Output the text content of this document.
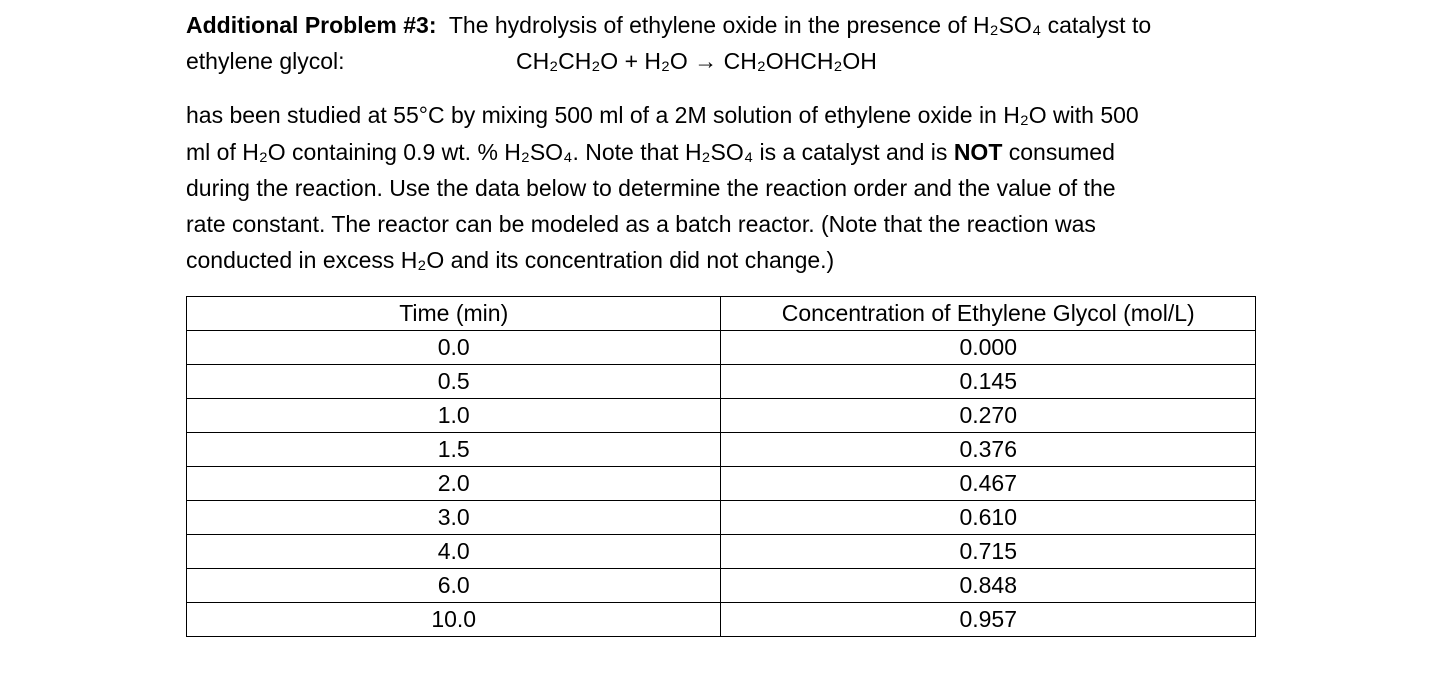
Additional Problem #3: The hydrolysis of ethylene oxide in the presence of H₂SO₄ catalyst to
ethylene glycol:	CH₂CH₂O + H₂O → CH₂OHCH₂OH
has been studied at 55°C by mixing 500 ml of a 2M solution of ethylene oxide in H₂O with 500
ml of H₂O containing 0.9 wt. % H₂SO₄. Note that H₂SO₄ is a catalyst and is NOT consumed
during the reaction. Use the data below to determine the reaction order and the value of the
rate constant. The reactor can be modeled as a batch reactor. (Note that the reaction was
conducted in excess H₂O and its concentration did not change.)
Time (min)	Concentration of Ethylene Glycol (mol/L)
0.0	0.000
0.5	0.145
1.0	0.270
1.5	0.376
2.0	0.467
3.0	0.610
4.0	0.715
6.0	0.848
10.0	0.957
